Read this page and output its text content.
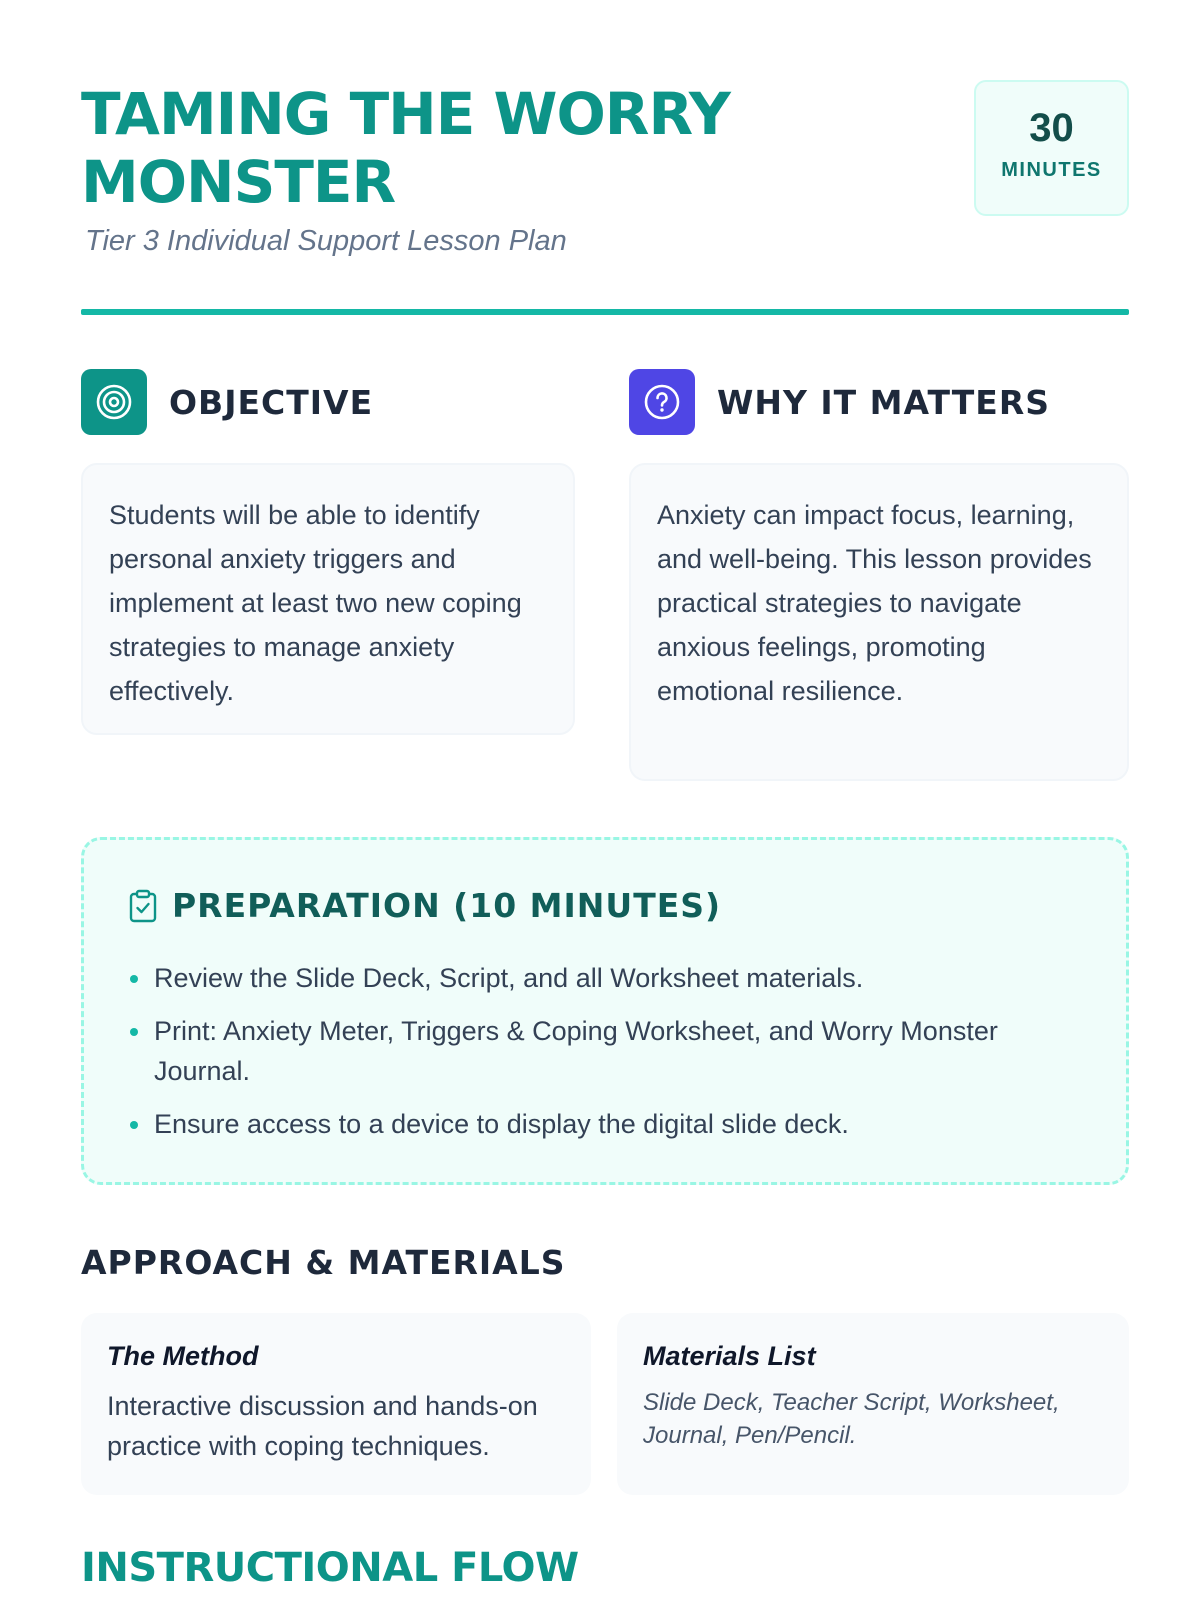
TAMING THE WORRY MONSTER
Tier 3 Individual Support Lesson Plan
30
MINUTES
OBJECTIVE
Students will be able to identify personal anxiety triggers and implement at least two new coping strategies to manage anxiety effectively.
WHY IT MATTERS
Anxiety can impact focus, learning, and well-being. This lesson provides practical strategies to navigate anxious feelings, promoting emotional resilience.
PREPARATION (10 MINUTES)
Review the Slide Deck, Script, and all Worksheet materials.
Print: Anxiety Meter, Triggers & Coping Worksheet, and Worry Monster Journal.
Ensure access to a device to display the digital slide deck.
APPROACH & MATERIALS
The Method
Interactive discussion and hands-on practice with coping techniques.
Materials List
Slide Deck, Teacher Script, Worksheet, Journal, Pen/Pencil.
INSTRUCTIONAL FLOW
